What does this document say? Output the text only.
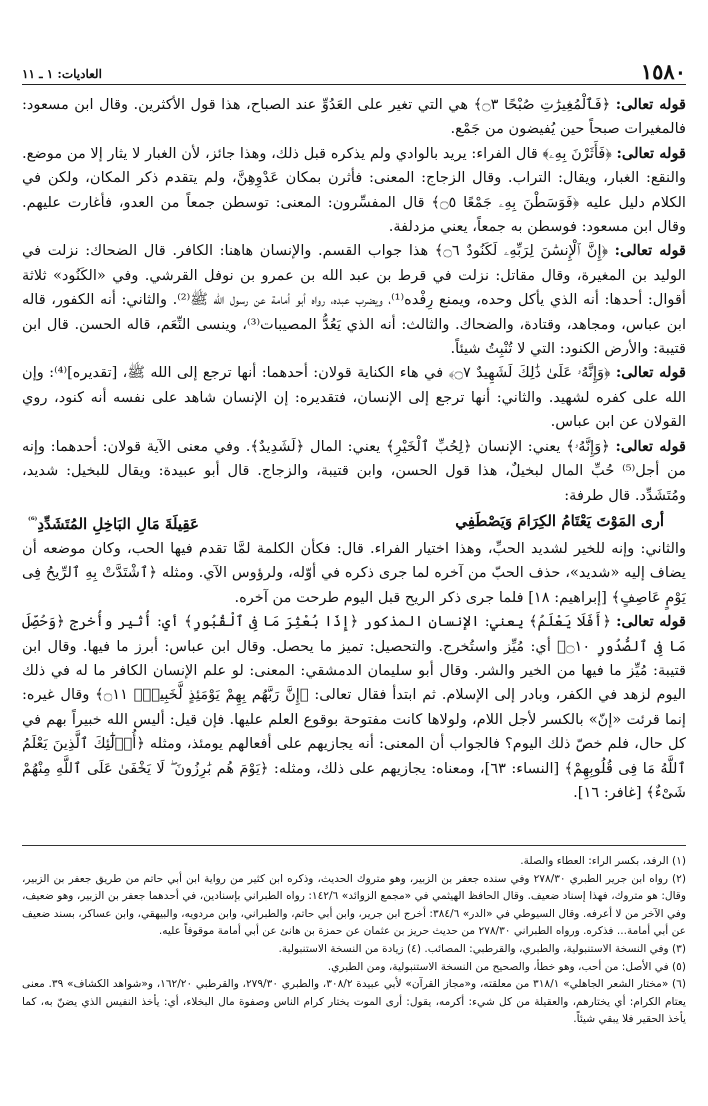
١٥٨٠
العاديات: ١ ـ ١١

قوله تعالى: ﴿فَٱلْمُغِيرَٰتِ صُبْحًا ۝٣﴾ هي التي تغير على العَدُوِّ عند الصباح، هذا قول الأكثرين. وقال ابن مسعود: فالمغيرات صبحاً حين يُفيضون من جَمْع.

قوله تعالى: ﴿فَأَثَرْنَ بِهِۦ﴾ قال الفراء: يريد بالوادي ولم يذكره قبل ذلك، وهذا جائز، لأن الغبار لا يثار إلا من موضع. والنقع: الغبار، ويقال: التراب. وقال الزجاج: المعنى: فأثرن بمكان عَدْوِهِنَّ، ولم يتقدم ذكر المكان، ولكن في الكلام دليل عليه ﴿فَوَسَطْنَ بِهِۦ جَمْعًا ۝٥﴾ قال المفسِّرون: المعنى: توسطن جمعاً من العدو، فأغارت عليهم. وقال ابن مسعود: فوسطن به جمعاً، يعني مزدلفة.

قوله تعالى: ﴿إِنَّ ٱلْإِنسَٰنَ لِرَبِّهِۦ لَكَنُودٌ ۝٦﴾ هذا جواب القسم. والإنسان هاهنا: الكافر. قال الضحاك: نزلت في الوليد بن المغيرة، وقال مقاتل: نزلت في قرط بن عبد الله بن عمرو بن نوفل القرشي. وفي «الكَنُود» ثلاثة أقوال: أحدها: أنه الذي يأكل وحده، ويمنع رِفْده⁽¹⁾، ويضرب عبده، رواه أبو أمامة عن رسول الله ﷺ⁽²⁾. والثاني: أنه الكفور، قاله ابن عباس، ومجاهد، وقتادة، والضحاك. والثالث: أنه الذي يَعُدُّ المصيبات⁽³⁾، وينسى النِّعَم، قاله الحسن. قال ابن قتيبة: والأرض الكنود: التي لا تُنْبِتُ شيئاً.

قوله تعالى: ﴿وَإِنَّهُۥ عَلَىٰ ذَٰلِكَ لَشَهِيدٌ ۝٧﴾ في هاء الكناية قولان: أحدهما: أنها ترجع إلى الله ﷺ، [تقديره]⁽⁴⁾: وإن الله على كفره لشهيد. والثاني: أنها ترجع إلى الإنسان، فتقديره: إن الإنسان شاهد على نفسه أنه كنود، روي القولان عن ابن عباس.

قوله تعالى: ﴿وَإِنَّهُۥ﴾ يعني: الإنسان ﴿لِحُبِّ ٱلْخَيْرِ﴾ يعني: المال ﴿لَشَدِيدٌ﴾. وفي معنى الآية قولان: أحدهما: وإنه من أجل⁽⁵⁾ حُبِّ المال لبخيلٌ، هذا قول الحسن، وابن قتيبة، والزجاج. قال أبو عبيدة: ويقال للبخيل: شديد، ومُتَشَدِّد. قال طرفة:

أرى المَوْتَ يَعْتَامُ الكِرَامَ وَيَصْطَفِي
عَقِيلَةَ مَالِ البَاخِلِ المُتَشَدِّدِ$^{^{(6)}}$

والثاني: وإنه للخير لشديد الحبِّ، وهذا اختيار الفراء. قال: فكأن الكلمة لمَّا تقدم فيها الحب، وكان موضعه أن يضاف إليه «شديد»، حذف الحبّ من آخره لما جرى ذكره في أوّله، ولرؤوس الآي. ومثله ﴿ٱشْتَدَّتْ بِهِ ٱلرِّيحُ فِى يَوْمٍ عَاصِفٍ﴾ [إبراهيم: ١٨] فلما جرى ذكر الريح قبل اليوم طرحت من آخره.

قوله تعالى: ﴿أَفَلَا يَعْلَمُ﴾ يعني: الإنسان المذكور ﴿إِذَا بُعْثِرَ مَا فِى ٱلْقُبُورِ﴾ أي: أُثير وأُخرج ﴿وَحُصِّلَ مَا فِى ٱلصُّدُورِ ۝١٠﴾ أي: مُيِّز واستُخرج. والتحصيل: تميز ما يحصل. وقال ابن عباس: أبرز ما فيها. وقال ابن قتيبة: مُيِّز ما فيها من الخير والشر. وقال أبو سليمان الدمشقي: المعنى: لو علم الإنسان الكافر ما له في ذلك اليوم لزهد في الكفر، وبادر إلى الإسلام. ثم ابتدأ فقال تعالى: ﴿إِنَّ رَبَّهُم بِهِمْ يَوْمَئِذٍ لَّخَبِيرٌۢ ۝١١﴾ وقال غيره: إنما قرئت «إنّ» بالكسر لأجل اللام، ولولاها كانت مفتوحة بوقوع العلم عليها. فإن قيل: أليس الله خبيراً بهم في كل حال، فلم خصّ ذلك اليوم؟ فالجواب أن المعنى: أنه يجازيهم على أفعالهم يومئذ، ومثله ﴿أُو۟لَٰٓئِكَ ٱلَّذِينَ يَعْلَمُ ٱللَّهُ مَا فِى قُلُوبِهِمْ﴾ [النساء: ٦٣]، ومعناه: يجازيهم على ذلك، ومثله: ﴿يَوْمَ هُم بَٰرِزُونَ ۖ لَا يَخْفَىٰ عَلَى ٱللَّهِ مِنْهُمْ شَىْءٌ﴾ [غافر: ١٦].

(١) الرفد، بكسر الراء: العطاء والصلة.

(٢) رواه ابن جرير الطبري ٢٧٨/٣٠ وفي سنده جعفر بن الزبير، وهو متروك الحديث، وذكره ابن كثير من رواية ابن أبي حاتم من طريق جعفر بن الزبير، وقال: هو متروك، فهذا إسناد ضعيف. وقال الحافظ الهيثمي في «مجمع الزوائد» ١٤٢/٦: رواه الطبراني بإسنادين، في أحدهما جعفر بن الزبير، وهو ضعيف، وفي الآخر من لا أعرفه. وقال السيوطي في «الدر» ٣٨٤/٦: أخرج ابن جرير، وابن أبي حاتم، والطبراني، وابن مردويه، والبيهقي، وابن عساكر، بسند ضعيف عن أبي أمامة... فذكره. ورواه الطبراني ٢٧٨/٣٠ من حديث حريز بن عثمان عن حمزة بن هانئ عن أبي أمامة موقوفاً عليه.

(٣) وفي النسخة الاستنبولية، والطبري، والقرطبي: المصائب. (٤) زيادة من النسخة الاستنبولية.

(٥) في الأصل: من أحب، وهو خطأ، والصحيح من النسخة الاستنبولية، ومن الطبري.

(٦) «مختار الشعر الجاهلي» ٣١٨/١ من معلقته، و«مجاز القرآن» لأبي عبيدة ٣٠٨/٢، والطبري ٢٧٩/٣٠، والقرطبي ١٦٢/٢٠، و«شواهد الكشاف» ٣٩. معنى يعتام الكرام: أي يختارهم، والعقيلة من كل شيء: أكرمه، يقول: أرى الموت يختار كرام الناس وصفوة مال البخلاء، أي: يأخذ النفيس الذي يضنّ به، كما يأخذ الحقير فلا يبقي شيئاً.
